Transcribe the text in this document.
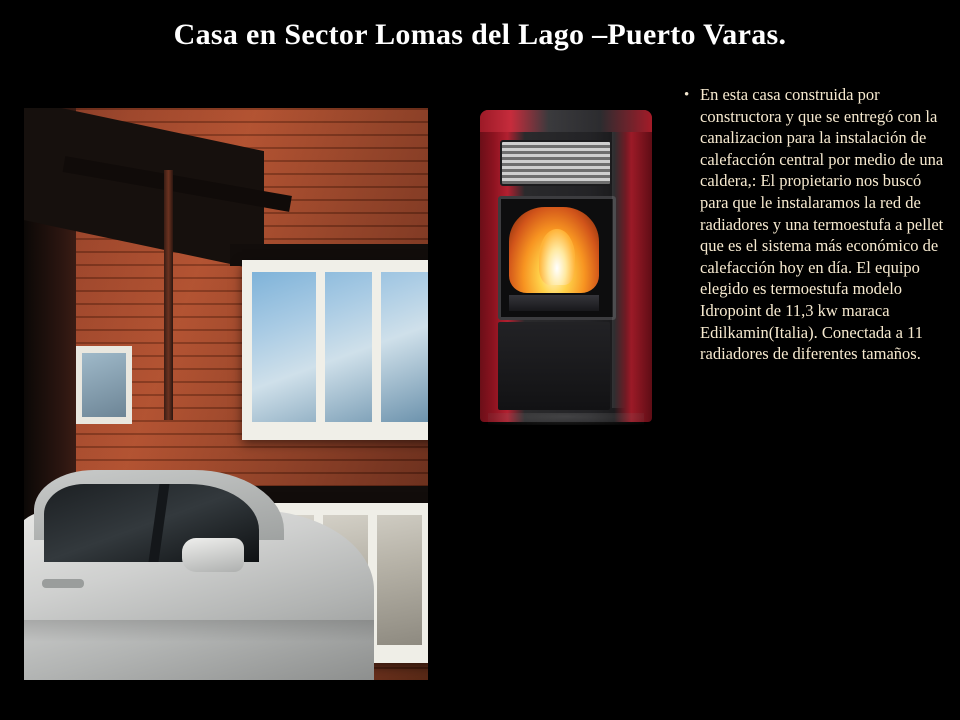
Casa en Sector Lomas del Lago –Puerto Varas.
• En esta casa construida por constructora y que se entregó con la canalizacion para la instalación de calefacción central por medio de una caldera,: El propietario nos buscó para que le instalaramos la red de radiadores y una termoestufa a pellet que es el sistema más económico de calefacción hoy en día. El equipo elegido es termoestufa modelo Idropoint de 11,3 kw maraca Edilkamin(Italia). Conectada a 11 radiadores de diferentes tamaños.
